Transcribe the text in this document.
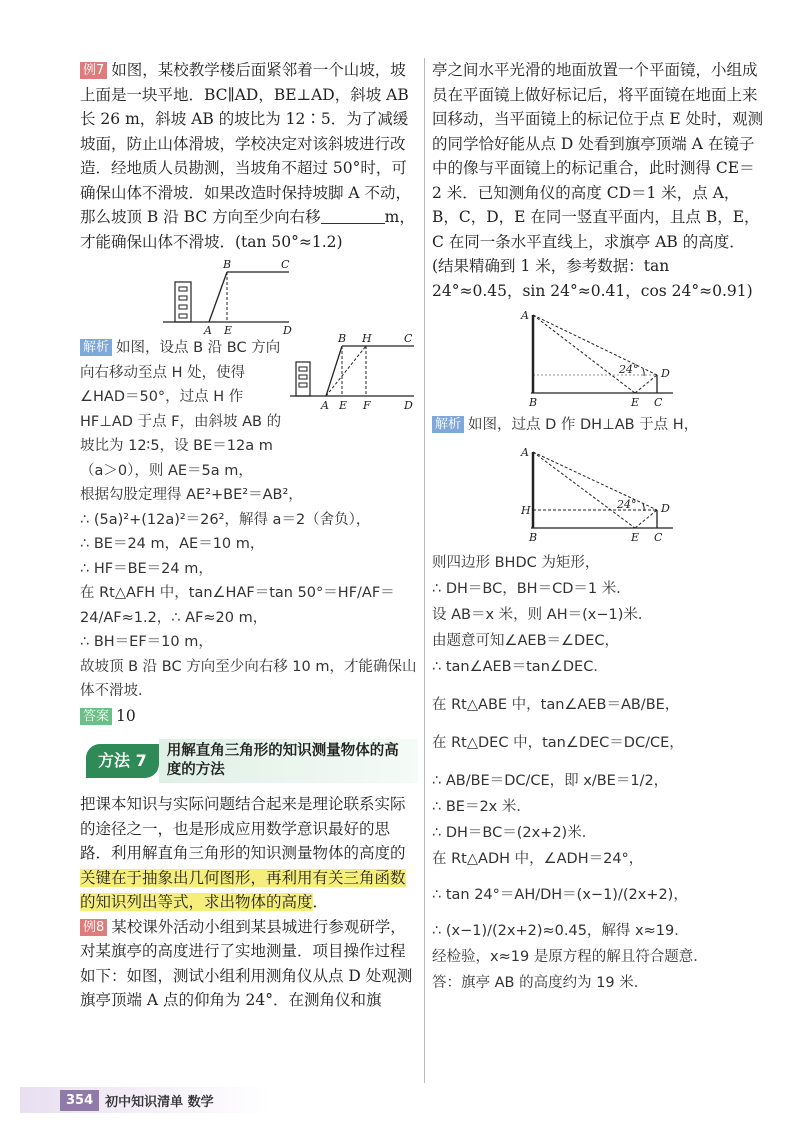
例7 如图，某校教学楼后面紧邻着一个山坡，坡上面是一块平地．BC∥AD，BE⊥AD，斜坡 AB 长 26 m，斜坡 AB 的坡比为 12∶5．为了减缓坡面，防止山体滑坡，学校决定对该斜坡进行改造．经地质人员勘测，当坡角不超过 50°时，可确保山体不滑坡．如果改造时保持坡脚 A 不动，那么坡顶 B 沿 BC 方向至少向右移	m，才能确保山体不滑坡．(tan 50°≈1.2)

B	C
A E	D
B H	C
A E F	D

解析 如图，设点 B 沿 BC 方向向右移动至点 H 处，使得∠HAD＝50°，过点 H 作 HF⊥AD 于点 F，由斜坡 AB 的坡比为 12∶5，设 BE＝12a m（a＞0），则 AE＝5a m，

根据勾股定理得 AE²+BE²＝AB²，

∴ (5a)²+(12a)²＝26²，解得 a＝2（舍负），

∴ BE＝24 m，AE＝10 m，

∴ HF＝BE＝24 m，

在 Rt△AFH 中，tan∠HAF＝tan 50°＝HF/AF＝24/AF≈1.2，∴ AF≈20 m，

∴ BH＝EF＝10 m，

故坡顶 B 沿 BC 方向至少向右移 10 m，才能确保山体不滑坡．

答案 10

方法 7	用解直角三角形的知识测量物体的高度的方法

把课本知识与实际问题结合起来是理论联系实际的途径之一，也是形成应用数学意识最好的思路．利用解直角三角形的知识测量物体的高度的关键在于抽象出几何图形，再利用有关三角函数的知识列出等式，求出物体的高度．

例8 某校课外活动小组到某县城进行参观研学，对某旗亭的高度进行了实地测量．项目操作过程如下：如图，测试小组利用测角仪从点 D 处观测旗亭顶端 A 点的仰角为 24°．在测角仪和旗

亭之间水平光滑的地面放置一个平面镜，小组成员在平面镜上做好标记后，将平面镜在地面上来回移动，当平面镜上的标记位于点 E 处时，观测的同学恰好能从点 D 处看到旗亭顶端 A 在镜子中的像与平面镜上的标记重合，此时测得 CE＝2 米．已知测角仪的高度 CD＝1 米，点 A，B，C，D，E 在同一竖直平面内，且点 B，E，C 在同一条水平直线上，求旗亭 AB 的高度．(结果精确到 1 米，参考数据：tan 24°≈0.45，sin 24°≈0.41，cos 24°≈0.91)

24°
A
B	E C
D

解析 如图，过点 D 作 DH⊥AB 于点 H，

24°
A
H
B	E C
D

则四边形 BHDC 为矩形，

∴ DH＝BC，BH＝CD＝1 米．

设 AB＝x 米，则 AH＝(x−1)米．

由题意可知∠AEB＝∠DEC，

∴ tan∠AEB＝tan∠DEC．

在 Rt△ABE 中，tan∠AEB＝AB/BE，

在 Rt△DEC 中，tan∠DEC＝DC/CE，

∴ AB/BE＝DC/CE，即 x/BE＝1/2，

∴ BE＝2x 米．

∴ DH＝BC＝(2x+2)米．

在 Rt△ADH 中，∠ADH＝24°，

∴ tan 24°＝AH/DH＝(x−1)/(2x+2)，

∴ (x−1)/(2x+2)≈0.45，解得 x≈19．

经检验，x≈19 是原方程的解且符合题意．

答：旗亭 AB 的高度约为 19 米．

354 初中知识清单 数学
